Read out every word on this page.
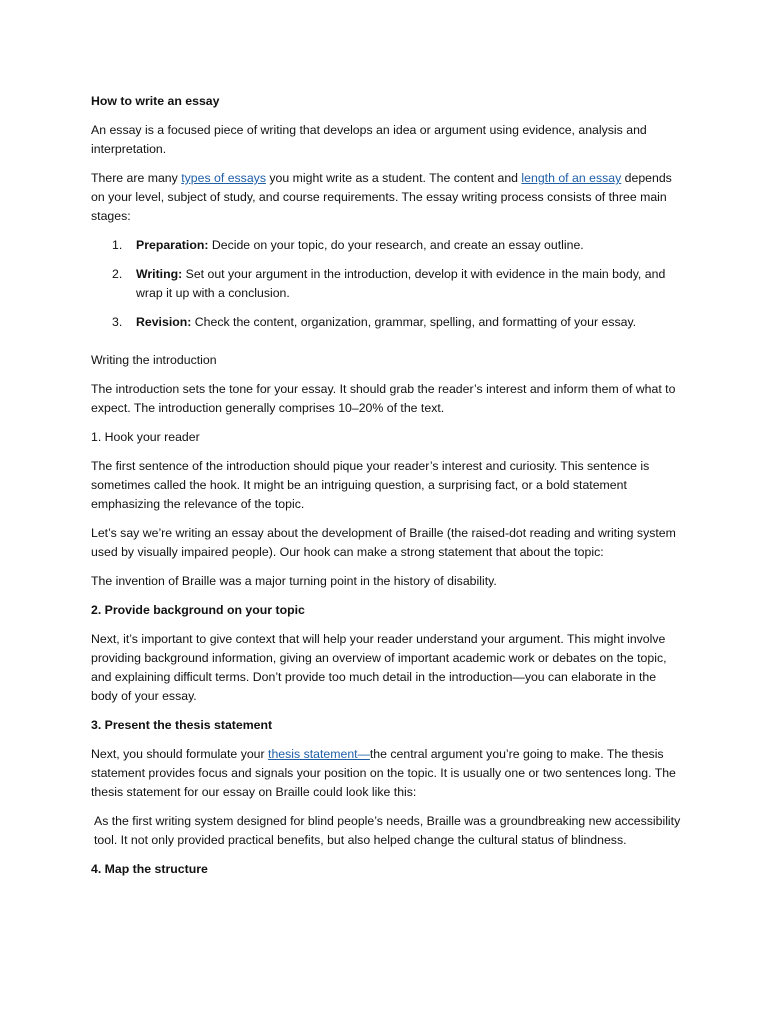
How to write an essay

An essay is a focused piece of writing that develops an idea or argument using evidence, analysis and interpretation.

There are many types of essays you might write as a student. The content and length of an essay depends on your level, subject of study, and course requirements. The essay writing process consists of three main stages:

1. Preparation: Decide on your topic, do your research, and create an essay outline.
2. Writing: Set out your argument in the introduction, develop it with evidence in the main body, and wrap it up with a conclusion.
3. Revision: Check the content, organization, grammar, spelling, and formatting of your essay.

Writing the introduction

The introduction sets the tone for your essay. It should grab the reader’s interest and inform them of what to expect. The introduction generally comprises 10–20% of the text.

1. Hook your reader

The first sentence of the introduction should pique your reader’s interest and curiosity. This sentence is sometimes called the hook. It might be an intriguing question, a surprising fact, or a bold statement emphasizing the relevance of the topic.

Let’s say we’re writing an essay about the development of Braille (the raised-dot reading and writing system used by visually impaired people). Our hook can make a strong statement that about the topic:

The invention of Braille was a major turning point in the history of disability.

2. Provide background on your topic

Next, it’s important to give context that will help your reader understand your argument. This might involve providing background information, giving an overview of important academic work or debates on the topic, and explaining difficult terms. Don’t provide too much detail in the introduction—you can elaborate in the body of your essay.

3. Present the thesis statement

Next, you should formulate your thesis statement—the central argument you’re going to make. The thesis statement provides focus and signals your position on the topic. It is usually one or two sentences long. The thesis statement for our essay on Braille could look like this:

As the first writing system designed for blind people’s needs, Braille was a groundbreaking new accessibility tool. It not only provided practical benefits, but also helped change the cultural status of blindness.

4. Map the structure
